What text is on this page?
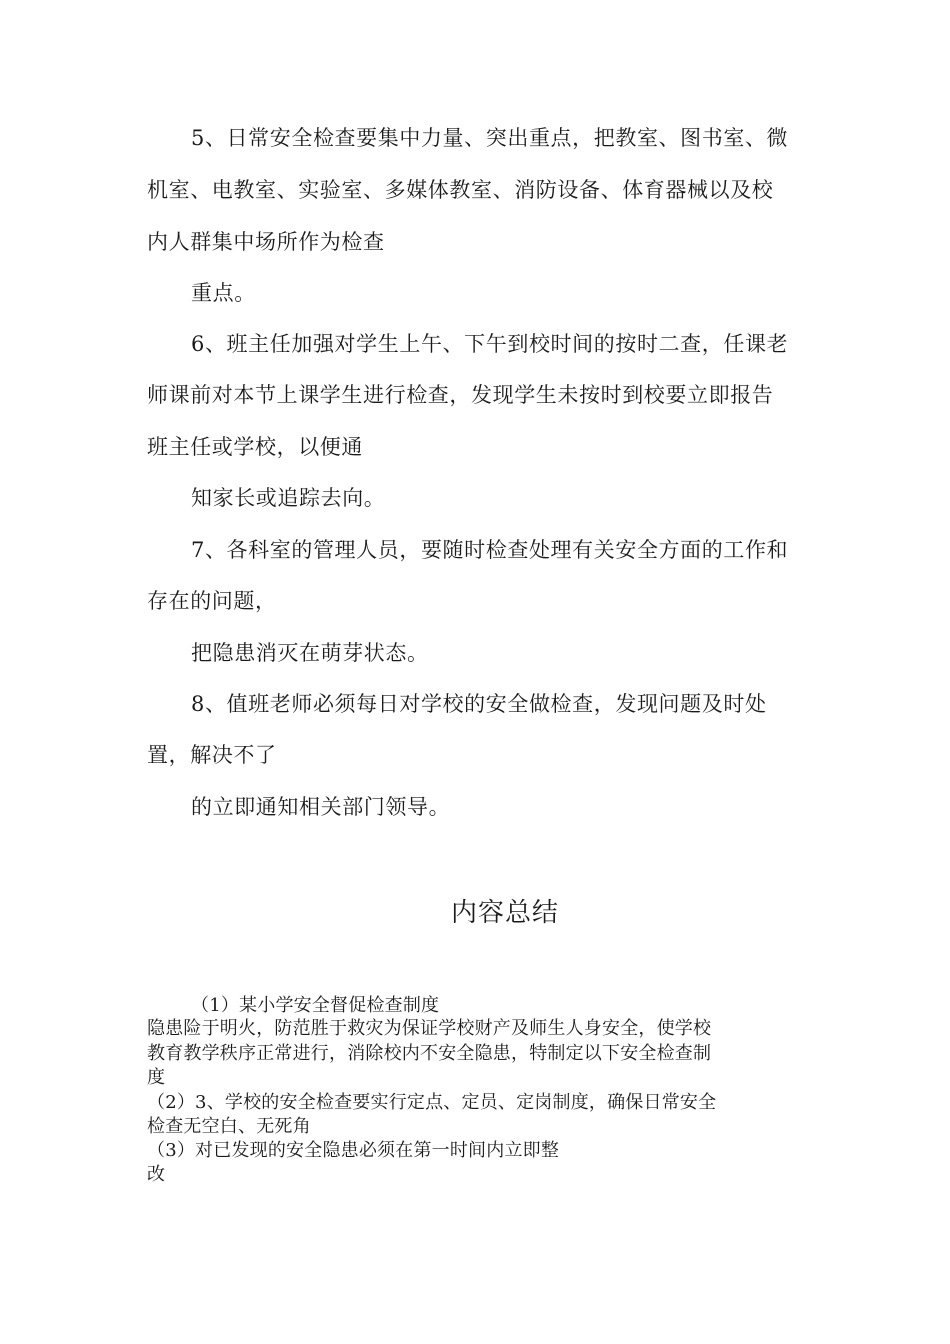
5、日常安全检查要集中力量、突出重点，把教室、图书室、微
机室、电教室、实验室、多媒体教室、消防设备、体育器械以及校
内人群集中场所作为检查
重点。
6、班主任加强对学生上午、下午到校时间的按时二查，任课老
师课前对本节上课学生进行检查，发现学生未按时到校要立即报告
班主任或学校，以便通
知家长或追踪去向。
7、各科室的管理人员，要随时检查处理有关安全方面的工作和
存在的问题，
把隐患消灭在萌芽状态。
8、值班老师必须每日对学校的安全做检查，发现问题及时处
置，解决不了
的立即通知相关部门领导。
内容总结
（1）某小学安全督促检查制度
隐患险于明火，防范胜于救灾为保证学校财产及师生人身安全，使学校
教育教学秩序正常进行，消除校内不安全隐患，特制定以下安全检查制
度
（2）3、学校的安全检查要实行定点、定员、定岗制度，确保日常安全
检查无空白、无死角
（3）对已发现的安全隐患必须在第一时间内立即整
改
